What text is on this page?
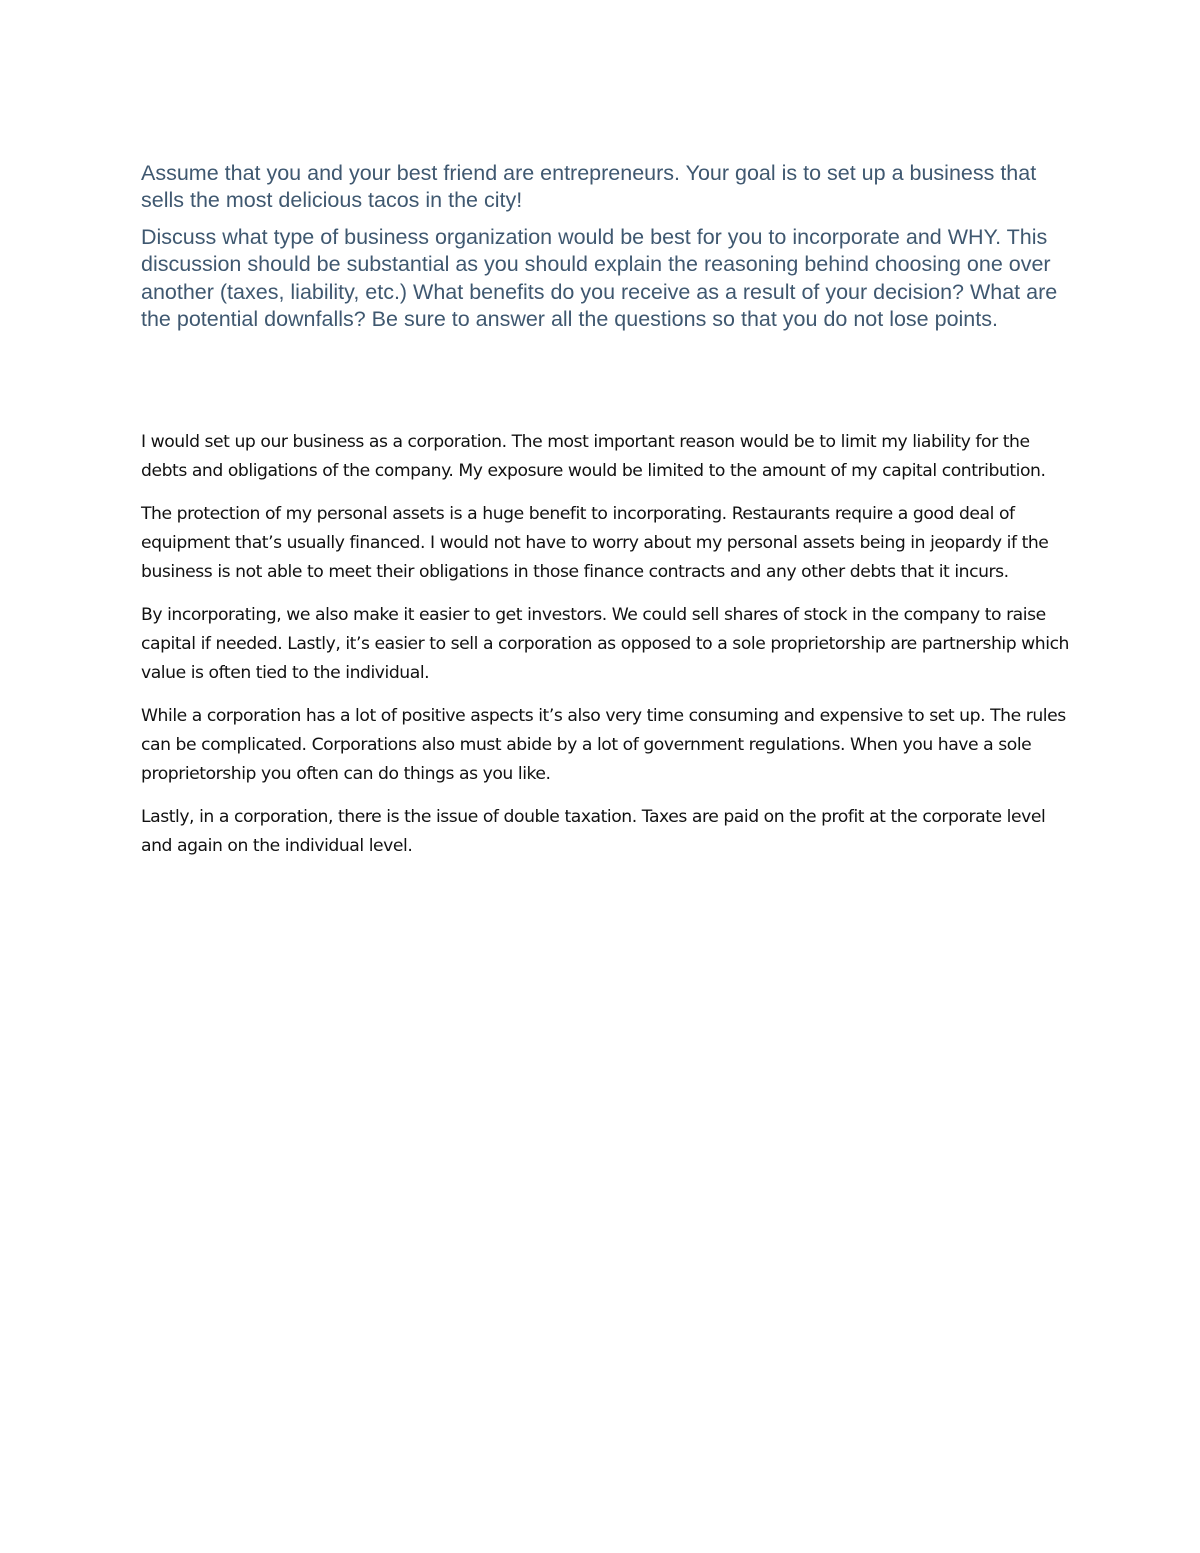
Assume that you and your best friend are entrepreneurs. Your goal is to set up a business that sells the most delicious tacos in the city!

Discuss what type of business organization would be best for you to incorporate and WHY. This discussion should be substantial as you should explain the reasoning behind choosing one over another (taxes, liability, etc.) What benefits do you receive as a result of your decision? What are the potential downfalls? Be sure to answer all the questions so that you do not lose points.

I would set up our business as a corporation. The most important reason would be to limit my liability for the debts and obligations of the company. My exposure would be limited to the amount of my capital contribution.

The protection of my personal assets is a huge benefit to incorporating. Restaurants require a good deal of equipment that’s usually financed. I would not have to worry about my personal assets being in jeopardy if the business is not able to meet their obligations in those finance contracts and any other debts that it incurs.

By incorporating, we also make it easier to get investors. We could sell shares of stock in the company to raise capital if needed. Lastly, it’s easier to sell a corporation as opposed to a sole proprietorship are partnership which value is often tied to the individual.

While a corporation has a lot of positive aspects it’s also very time consuming and expensive to set up. The rules can be complicated. Corporations also must abide by a lot of government regulations. When you have a sole proprietorship you often can do things as you like.

Lastly, in a corporation, there is the issue of double taxation. Taxes are paid on the profit at the corporate level and again on the individual level.
